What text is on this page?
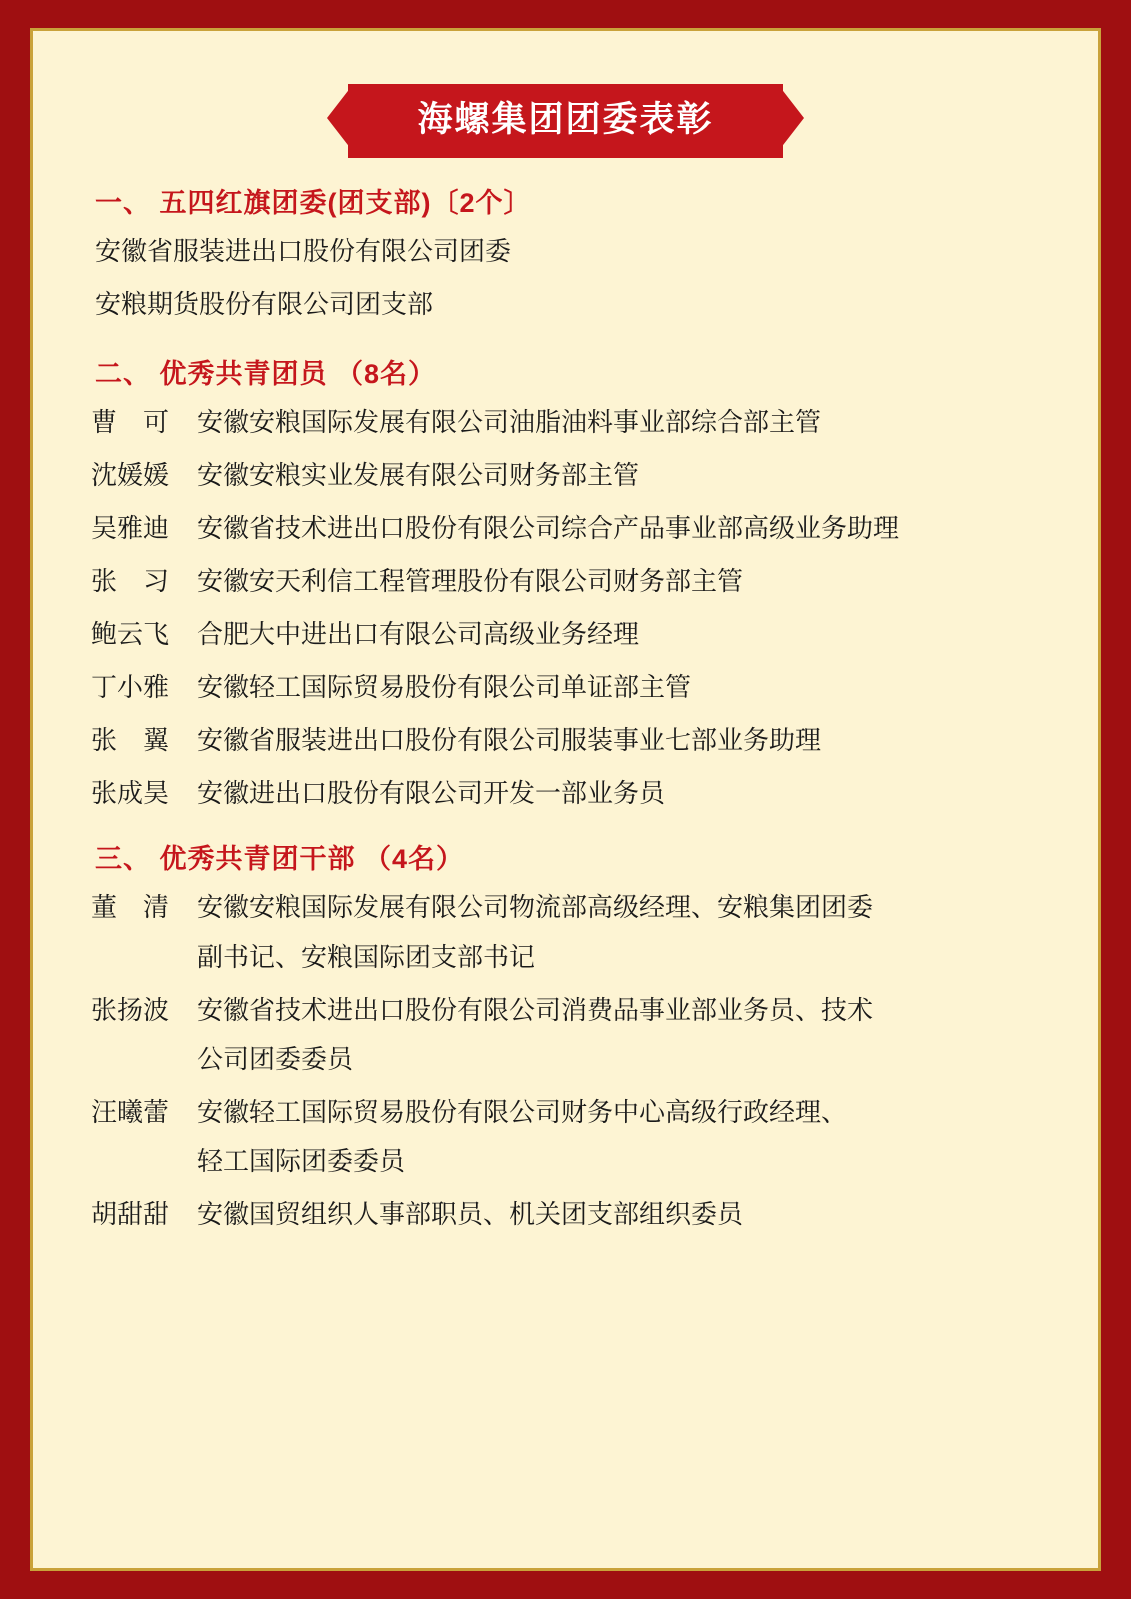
海螺集团团委表彰
一、 五四红旗团委(团支部)〔2个〕
安徽省服装进出口股份有限公司团委
安粮期货股份有限公司团支部
二、 优秀共青团员 （8名）
曹　可	安徽安粮国际发展有限公司油脂油料事业部综合部主管
沈媛媛	安徽安粮实业发展有限公司财务部主管
吴雅迪	安徽省技术进出口股份有限公司综合产品事业部高级业务助理
张　习	安徽安天利信工程管理股份有限公司财务部主管
鲍云飞	合肥大中进出口有限公司高级业务经理
丁小雅	安徽轻工国际贸易股份有限公司单证部主管
张　翼	安徽省服装进出口股份有限公司服装事业七部业务助理
张成昊	安徽进出口股份有限公司开发一部业务员
三、 优秀共青团干部 （4名）
董　清	安徽安粮国际发展有限公司物流部高级经理、安粮集团团委
副书记、安粮国际团支部书记
张扬波	安徽省技术进出口股份有限公司消费品事业部业务员、技术
公司团委委员
汪曦蕾	安徽轻工国际贸易股份有限公司财务中心高级行政经理、
轻工国际团委委员
胡甜甜	安徽国贸组织人事部职员、机关团支部组织委员
